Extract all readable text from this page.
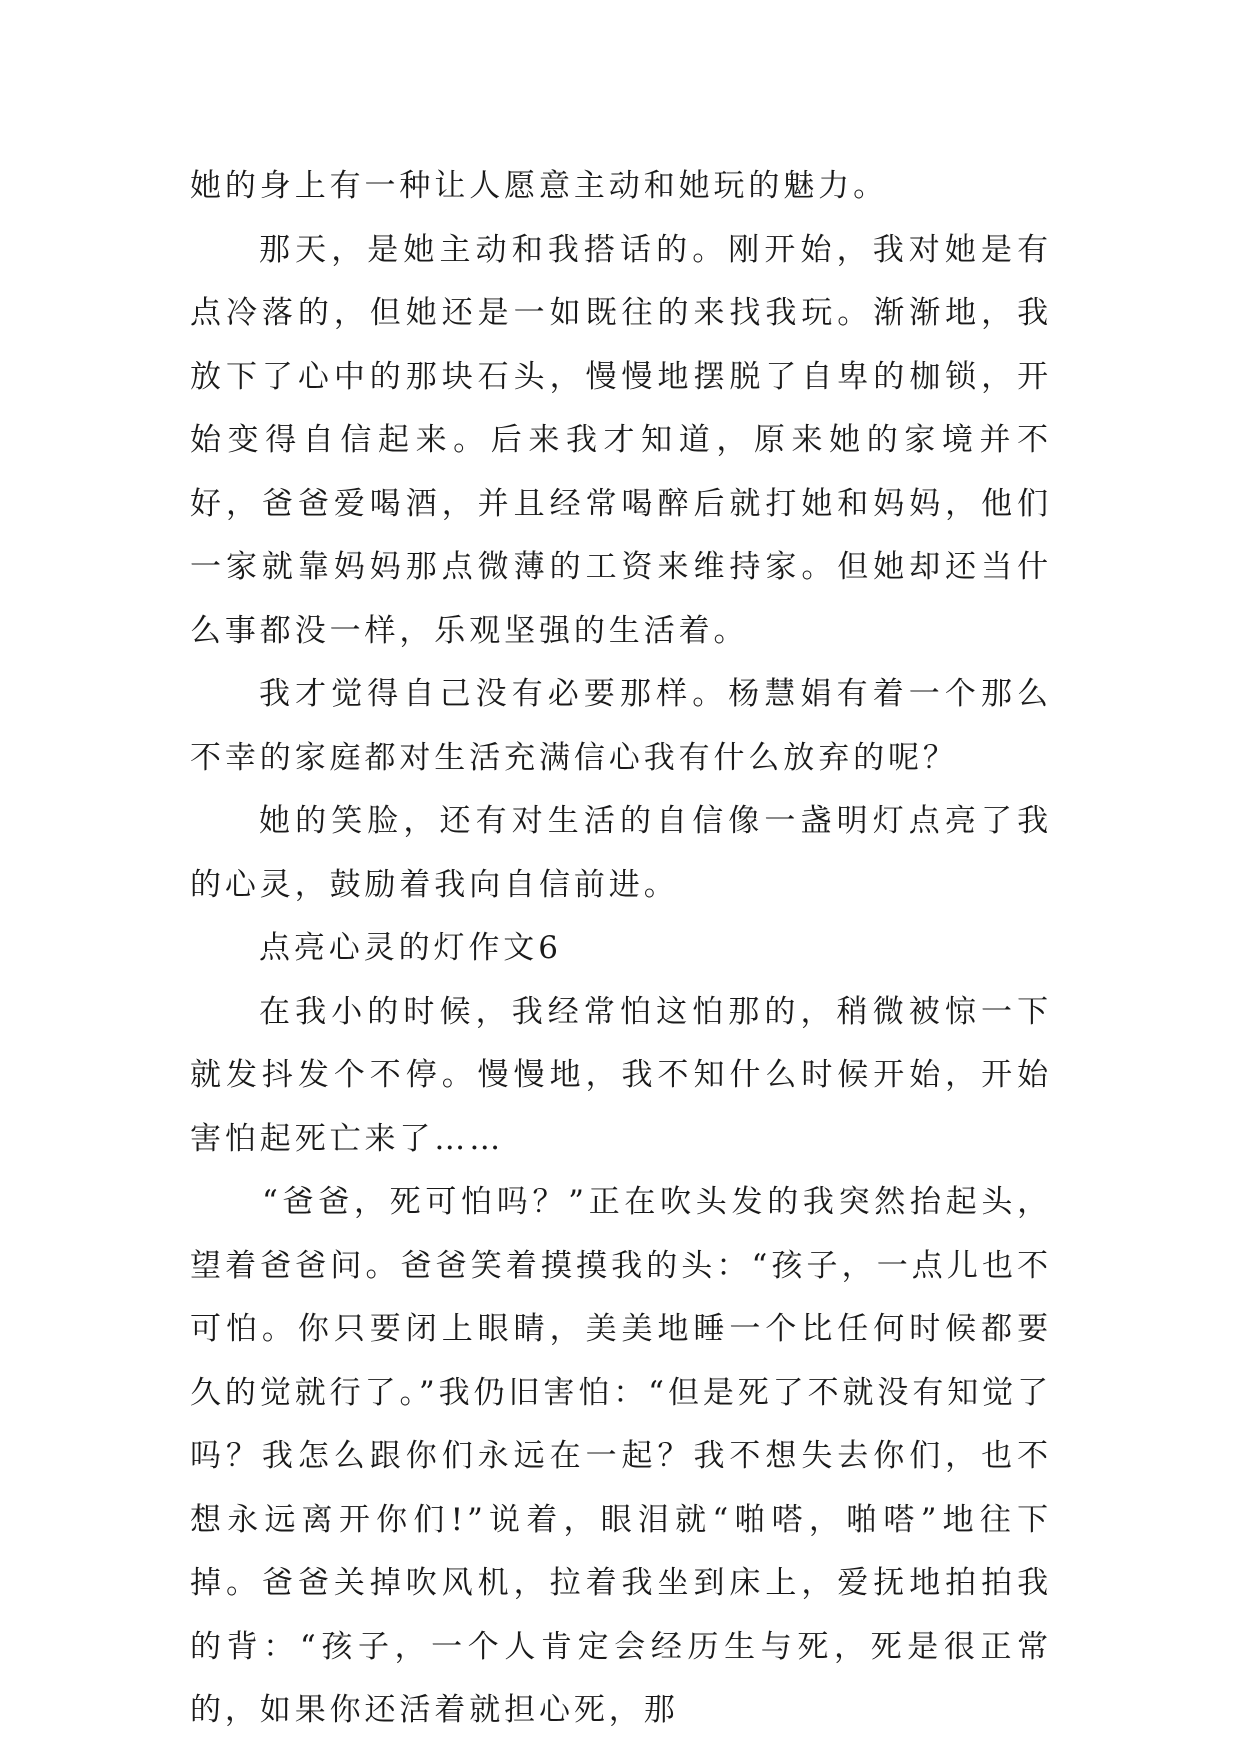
她的身上有一种让人愿意主动和她玩的魅力。

那天，是她主动和我搭话的。刚开始，我对她是有点冷落的，但她还是一如既往的来找我玩。渐渐地，我放下了心中的那块石头，慢慢地摆脱了自卑的枷锁，开始变得自信起来。后来我才知道，原来她的家境并不好，爸爸爱喝酒，并且经常喝醉后就打她和妈妈，他们一家就靠妈妈那点微薄的工资来维持家。但她却还当什么事都没一样，乐观坚强的生活着。

我才觉得自己没有必要那样。杨慧娟有着一个那么不幸的家庭都对生活充满信心我有什么放弃的呢？

她的笑脸，还有对生活的自信像一盏明灯点亮了我的心灵，鼓励着我向自信前进。

点亮心灵的灯作文6

在我小的时候，我经常怕这怕那的，稍微被惊一下就发抖发个不停。慢慢地，我不知什么时候开始，开始害怕起死亡来了……

“爸爸，死可怕吗？”正在吹头发的我突然抬起头，望着爸爸问。爸爸笑着摸摸我的头：“孩子，一点儿也不可怕。你只要闭上眼睛，美美地睡一个比任何时候都要久的觉就行了。”我仍旧害怕：“但是死了不就没有知觉了吗？我怎么跟你们永远在一起？我不想失去你们，也不想永远离开你们!”说着，眼泪就“啪嗒，啪嗒”地往下掉。爸爸关掉吹风机，拉着我坐到床上，爱抚地拍拍我的背：“孩子，一个人肯定会经历生与死，死是很正常的，如果你还活着就担心死，那
